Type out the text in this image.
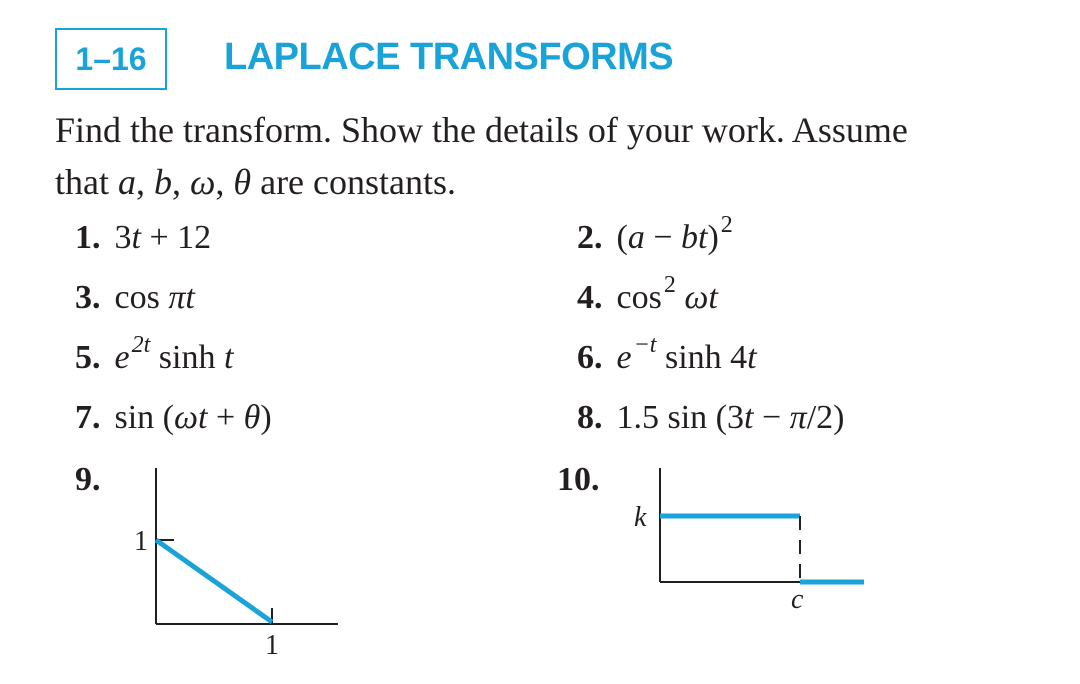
1–16	LAPLACE TRANSFORMS
Find the transform. Show the details of your work. Assume
that a, b, ω, θ are constants.
1. 3t + 12	2. (a − bt)$^2$
3. cos πt	4. $\cos^2 \omega t$
5. $e^{2t}$ sinh t	6. $e^{-t}$ sinh 4t
7. sin (ωt + θ)	8. 1.5 sin (3t − π/2)
9.
1
1
10.
k
c
